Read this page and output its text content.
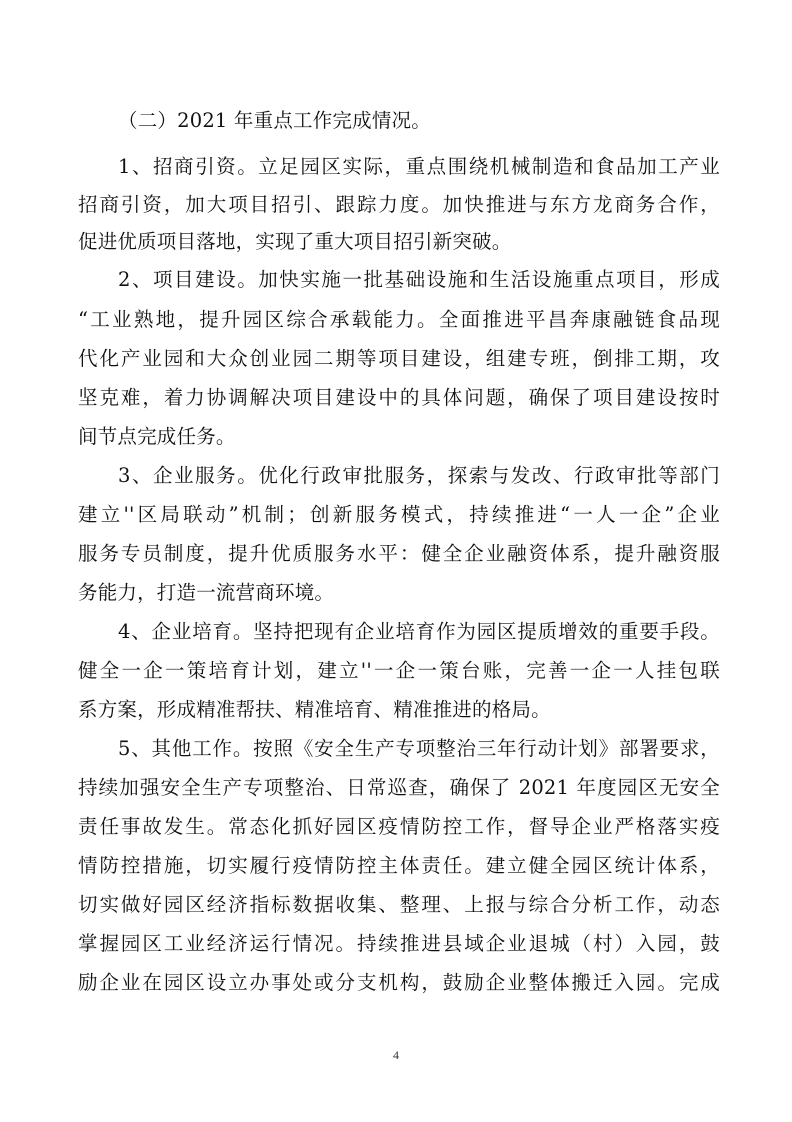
（二）2021 年重点工作完成情况。
1、招商引资。立足园区实际，重点围绕机械制造和食品加工产业
招商引资，加大项目招引、跟踪力度。加快推进与东方龙商务合作，
促进优质项目落地，实现了重大项目招引新突破。
2、项目建设。加快实施一批基础设施和生活设施重点项目，形成
“工业熟地，提升园区综合承载能力。全面推进平昌奔康融链食品现
代化产业园和大众创业园二期等项目建设，组建专班，倒排工期，攻
坚克难，着力协调解决项目建设中的具体问题，确保了项目建设按时
间节点完成任务。
3、企业服务。优化行政审批服务，探索与发改、行政审批等部门
建立''区局联动”机制；创新服务模式，持续推进“一人一企”企业
服务专员制度，提升优质服务水平：健全企业融资体系，提升融资服
务能力，打造一流营商环境。
4、企业培育。坚持把现有企业培育作为园区提质增效的重要手段。
健全一企一策培育计划，建立''一企一策台账，完善一企一人挂包联
系方案，形成精准帮扶、精准培育、精准推进的格局。
5、其他工作。按照《安全生产专项整治三年行动计划》部署要求，
持续加强安全生产专项整治、日常巡查，确保了 2021 年度园区无安全
责任事故发生。常态化抓好园区疫情防控工作，督导企业严格落实疫
情防控措施，切实履行疫情防控主体责任。建立健全园区统计体系，
切实做好园区经济指标数据收集、整理、上报与综合分析工作，动态
掌握园区工业经济运行情况。持续推进县域企业退城（村）入园，鼓
励企业在园区设立办事处或分支机构，鼓励企业整体搬迁入园。完成
4
